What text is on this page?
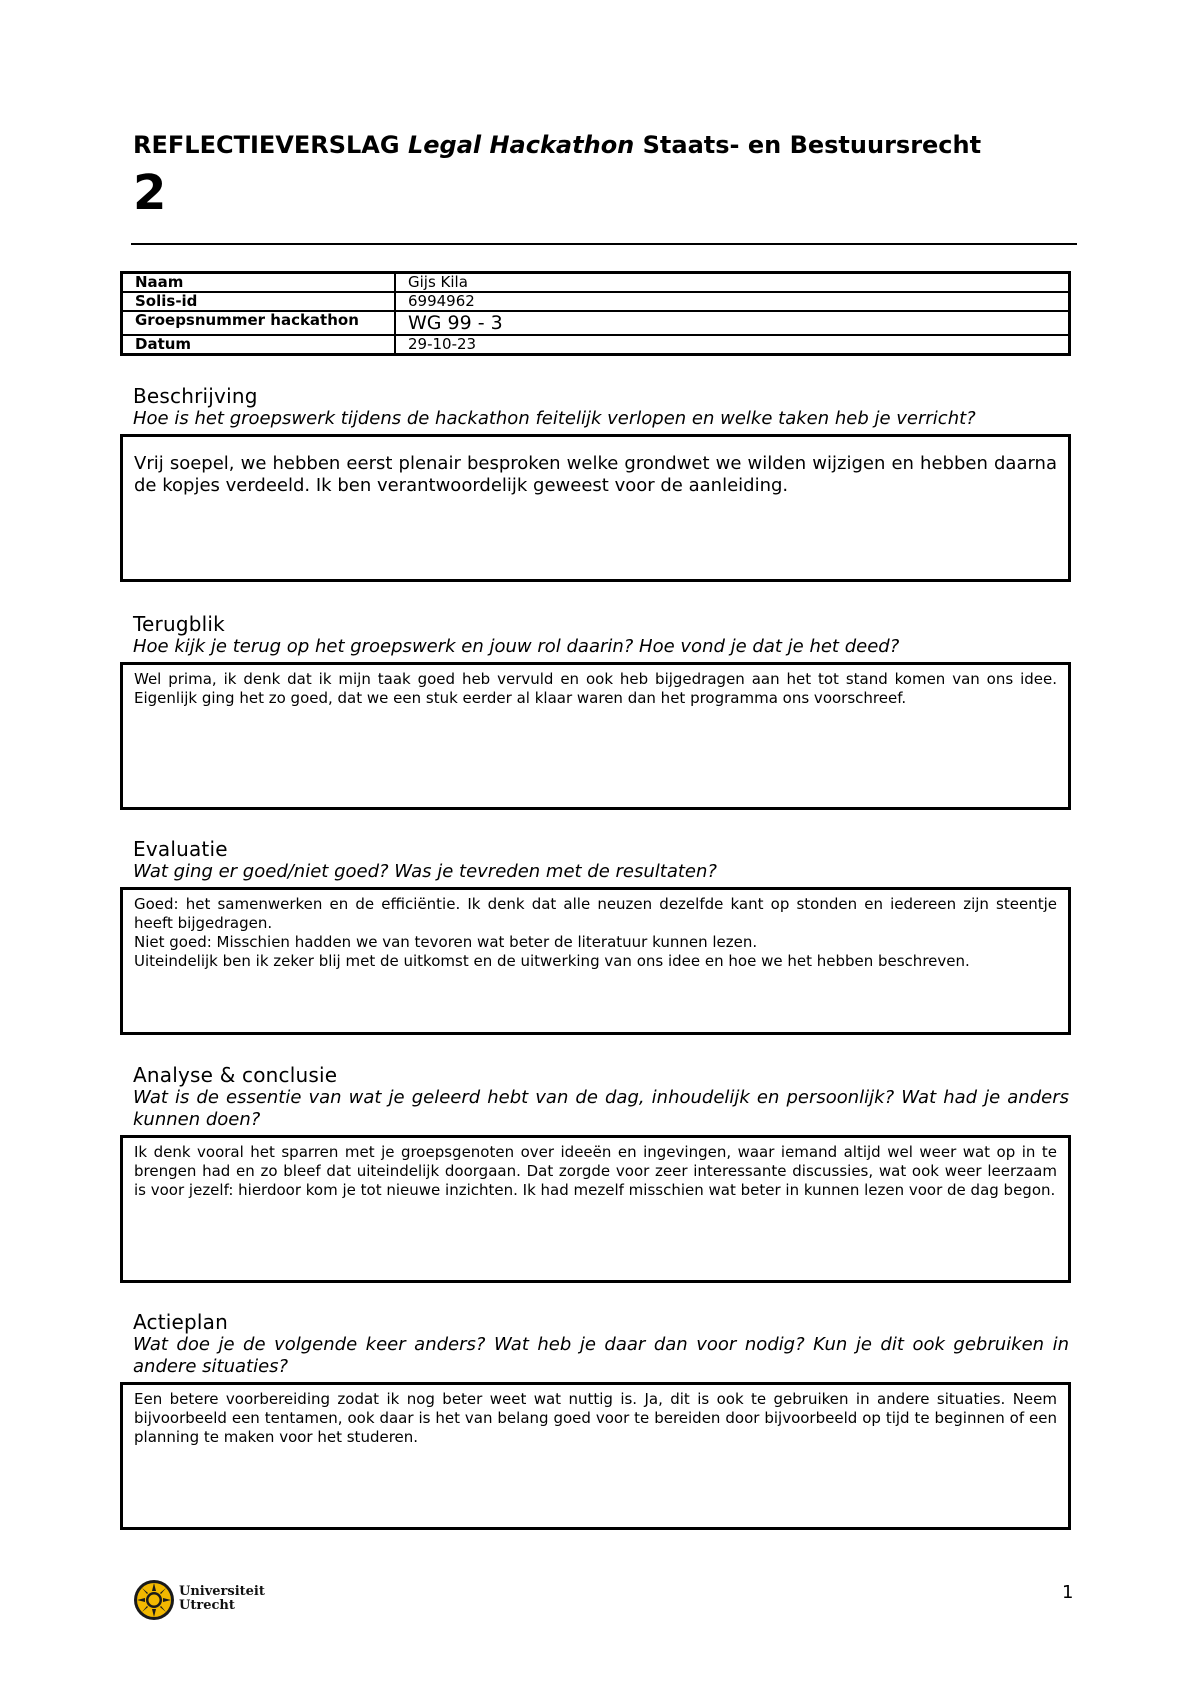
REFLECTIEVERSLAG Legal Hackathon Staats- en Bestuursrecht
2
Naam	Gijs Kila
Solis-id	6994962
Groepsnummer hackathon	WG 99 - 3
Datum	29-10-23
Beschrijving

Hoe is het groepswerk tijdens de hackathon feitelijk verlopen en welke taken heb je verricht?

Vrij soepel, we hebben eerst plenair besproken welke grondwet we wilden wijzigen en hebben daarna de kopjes verdeeld. Ik ben verantwoordelijk geweest voor de aanleiding.

Terugblik

Hoe kijk je terug op het groepswerk en jouw rol daarin? Hoe vond je dat je het deed?

Wel prima, ik denk dat ik mijn taak goed heb vervuld en ook heb bijgedragen aan het tot stand komen van ons idee. Eigenlijk ging het zo goed, dat we een stuk eerder al klaar waren dan het programma ons voorschreef.

Evaluatie

Wat ging er goed/niet goed? Was je tevreden met de resultaten?

Goed: het samenwerken en de efficiëntie. Ik denk dat alle neuzen dezelfde kant op stonden en iedereen zijn steentje heeft bijgedragen.

Niet goed: Misschien hadden we van tevoren wat beter de literatuur kunnen lezen.

Uiteindelijk ben ik zeker blij met de uitkomst en de uitwerking van ons idee en hoe we het hebben beschreven.

Analyse & conclusie

Wat is de essentie van wat je geleerd hebt van de dag, inhoudelijk en persoonlijk? Wat had je anders kunnen doen?

Ik denk vooral het sparren met je groepsgenoten over ideeën en ingevingen, waar iemand altijd wel weer wat op in te brengen had en zo bleef dat uiteindelijk doorgaan. Dat zorgde voor zeer interessante discussies, wat ook weer leerzaam is voor jezelf: hierdoor kom je tot nieuwe inzichten. Ik had mezelf misschien wat beter in kunnen lezen voor de dag begon.

Actieplan

Wat doe je de volgende keer anders? Wat heb je daar dan voor nodig? Kun je dit ook gebruiken in andere situaties?

Een betere voorbereiding zodat ik nog beter weet wat nuttig is. Ja, dit is ook te gebruiken in andere situaties. Neem bijvoorbeeld een tentamen, ook daar is het van belang goed voor te bereiden door bijvoorbeeld op tijd te beginnen of een planning te maken voor het studeren.

Universiteit
Utrecht
1
